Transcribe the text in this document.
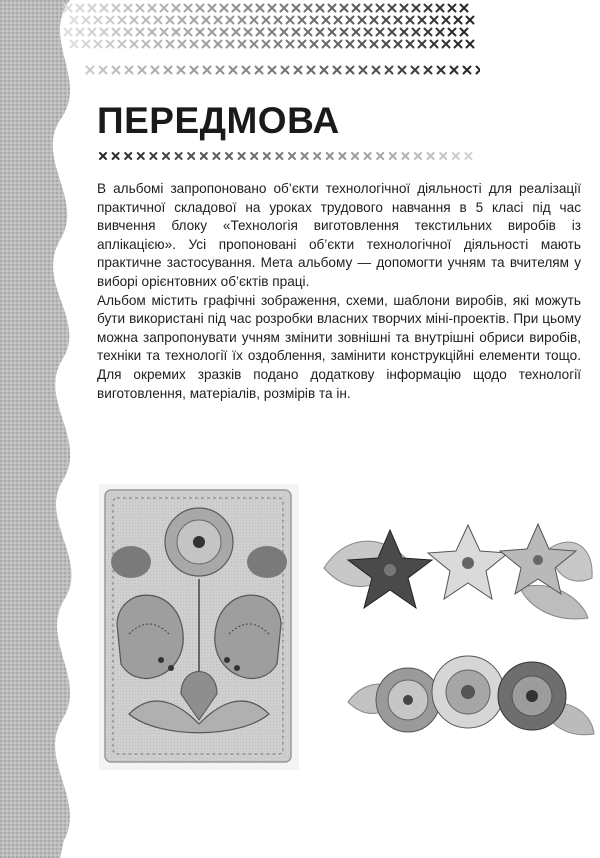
ПЕРЕДМОВА

В альбомі запропоновано об’єкти технологічної діяльності для реалізації практичної складової на уроках трудового навчання в 5 класі під час вивчення блоку «Технологія виготовлення текстильних виробів із аплікацією». Усі пропоновані об’єкти технологічної діяльності мають практичне застосування. Мета альбому — допомогти учням та вчителям у виборі орієнтовних об’єктів праці.

Альбом містить графічні зображення, схеми, шаблони виробів, які можуть бути використані під час розробки власних творчих міні-проектів. При цьому можна запропонувати учням змінити зовнішні та внутрішні обриси виробів, техніки та технології їх оздоблення, замінити конструкційні елементи тощо. Для окремих зразків подано додаткову інформацію щодо технології виготовлення, матеріалів, розмірів та ін.
